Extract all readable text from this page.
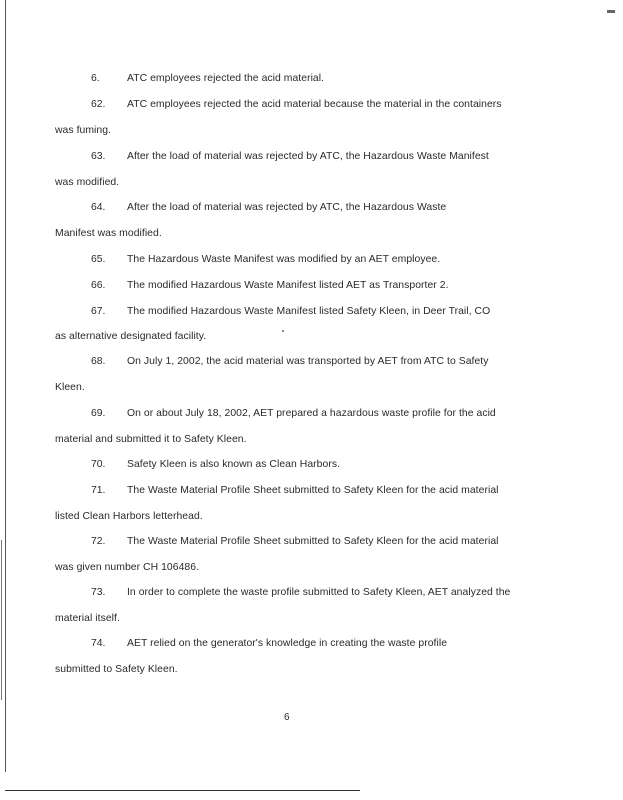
6.	ATC employees rejected the acid material.
62. ATC employees rejected the acid material because the material in the containers
was fuming.
63. After the load of material was rejected by ATC, the Hazardous Waste Manifest
was modified.
64. After the load of material was rejected by ATC, the Hazardous Waste
Manifest was modified.
65. The Hazardous Waste Manifest was modified by an AET employee.
66. The modified Hazardous Waste Manifest listed AET as Transporter 2.
67. The modified Hazardous Waste Manifest listed Safety Kleen, in Deer Trail, CO
as alternative designated facility.
68. On July 1, 2002, the acid material was transported by AET from ATC to Safety
Kleen.
69. On or about July 18, 2002, AET prepared a hazardous waste profile for the acid
material and submitted it to Safety Kleen.
70. Safety Kleen is also known as Clean Harbors.
71. The Waste Material Profile Sheet submitted to Safety Kleen for the acid material
listed Clean Harbors letterhead.
72. The Waste Material Profile Sheet submitted to Safety Kleen for the acid material
was given number CH 106486.
73. In order to complete the waste profile submitted to Safety Kleen, AET analyzed the
material itself.
74. AET relied on the generator's knowledge in creating the waste profile
submitted to Safety Kleen.
6
